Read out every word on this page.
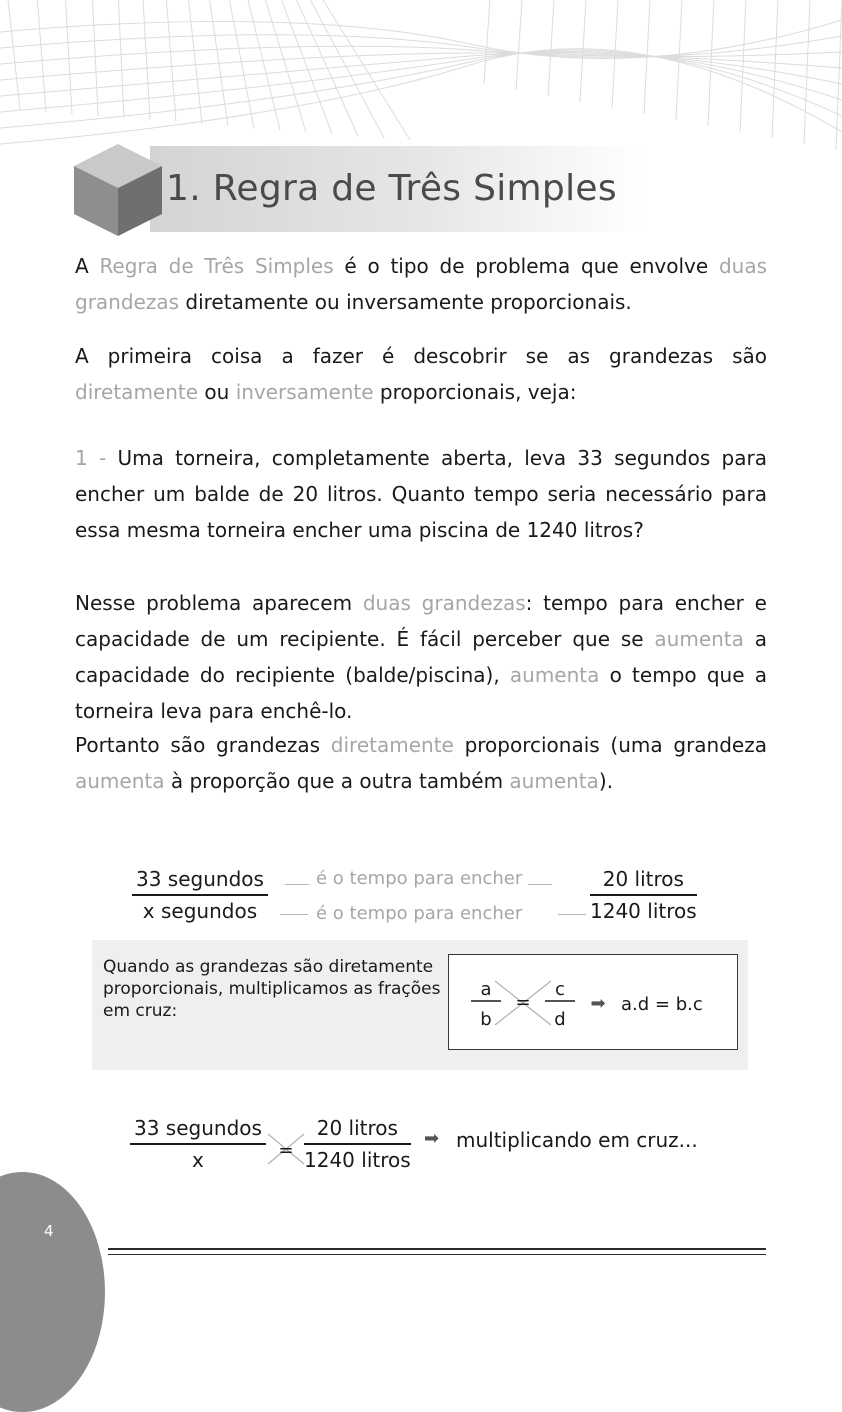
1. Regra de Três Simples

A Regra de Três Simples é o tipo de problema que envolve duas grandezas diretamente ou inversamente proporcionais.

A primeira coisa a fazer é descobrir se as grandezas são diretamente ou inversamente proporcionais, veja:

1 - Uma torneira, completamente aberta, leva 33 segundos para encher um balde de 20 litros. Quanto tempo seria necessário para essa mesma torneira encher uma piscina de 1240 litros?

Nesse problema aparecem duas grandezas: tempo para encher e capacidade de um recipiente. É fácil perceber que se aumenta a capacidade do recipiente (balde/piscina), aumenta o tempo que a torneira leva para enchê-lo.

Portanto são grandezas diretamente proporcionais (uma grandeza aumenta à proporção que a outra também aumenta).

33 segundos
x segundos
é o tempo para encher
é o tempo para encher
20 litros
1240 litros
Quando as grandezas são diretamente proporcionais, multiplicamos as frações em cruz:
a
b
=
c
d
➡ a.d = b.c
33 segundos
x	=
20 litros
1240 litros
➡ multiplicando em cruz...
4
